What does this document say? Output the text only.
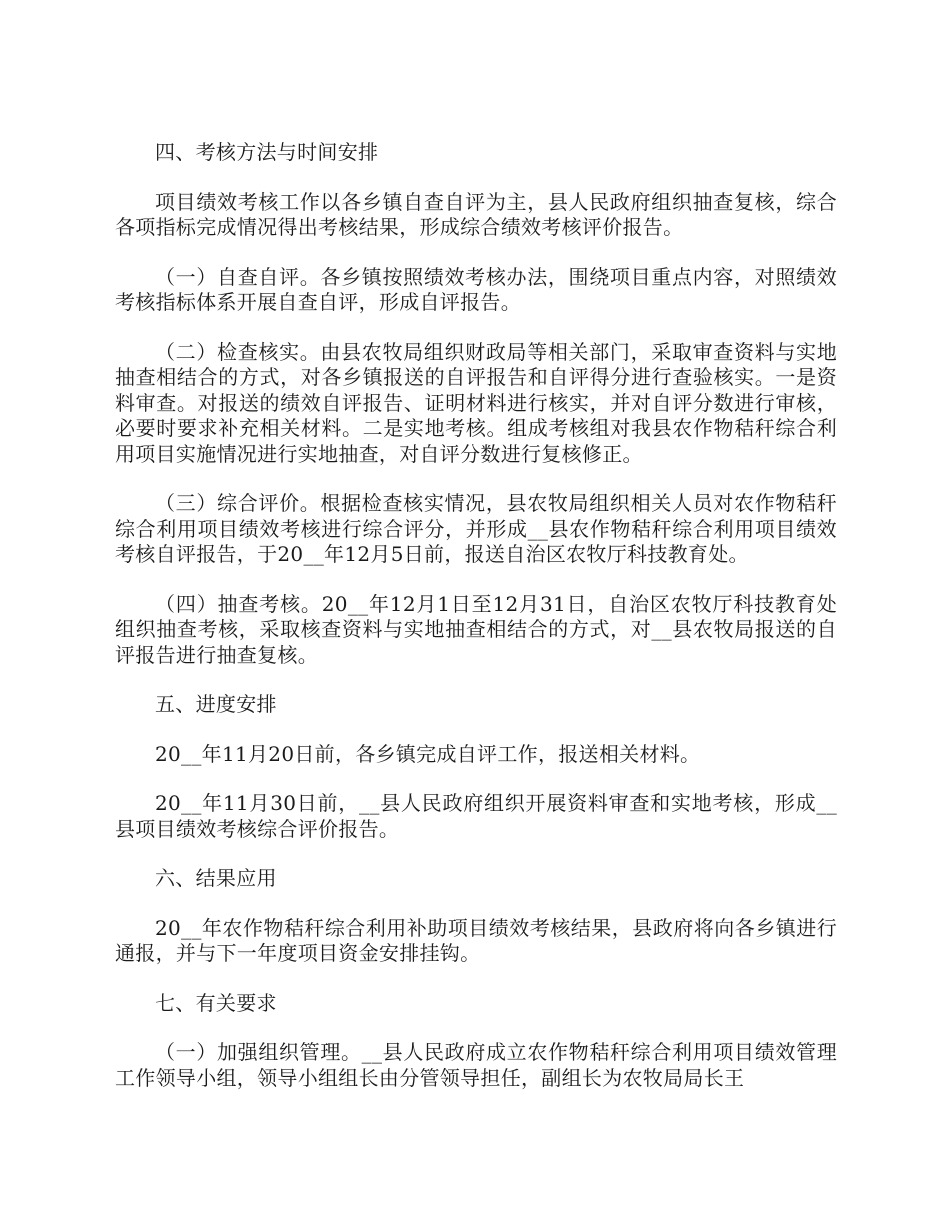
四、考核方法与时间安排

项目绩效考核工作以各乡镇自查自评为主，县人民政府组织抽查复核，综合各项指标完成情况得出考核结果，形成综合绩效考核评价报告。

（一）自查自评。各乡镇按照绩效考核办法，围绕项目重点内容，对照绩效考核指标体系开展自查自评，形成自评报告。

（二）检查核实。由县农牧局组织财政局等相关部门，采取审查资料与实地抽查相结合的方式，对各乡镇报送的自评报告和自评得分进行查验核实。一是资料审查。对报送的绩效自评报告、证明材料进行核实，并对自评分数进行审核，必要时要求补充相关材料。二是实地考核。组成考核组对我县农作物秸秆综合利用项目实施情况进行实地抽查，对自评分数进行复核修正。

（三）综合评价。根据检查核实情况，县农牧局组织相关人员对农作物秸秆综合利用项目绩效考核进行综合评分，并形成__县农作物秸秆综合利用项目绩效考核自评报告，于20__年12月5日前，报送自治区农牧厅科技教育处。

（四）抽查考核。20__年12月1日至12月31日，自治区农牧厅科技教育处组织抽查考核，采取核查资料与实地抽查相结合的方式，对__县农牧局报送的自评报告进行抽查复核。

五、进度安排

20__年11月20日前，各乡镇完成自评工作，报送相关材料。

20__年11月30日前，__县人民政府组织开展资料审查和实地考核，形成__县项目绩效考核综合评价报告。

六、结果应用

20__年农作物秸秆综合利用补助项目绩效考核结果，县政府将向各乡镇进行通报，并与下一年度项目资金安排挂钩。

七、有关要求

（一）加强组织管理。__县人民政府成立农作物秸秆综合利用项目绩效管理工作领导小组，领导小组组长由分管领导担任，副组长为农牧局局长王
